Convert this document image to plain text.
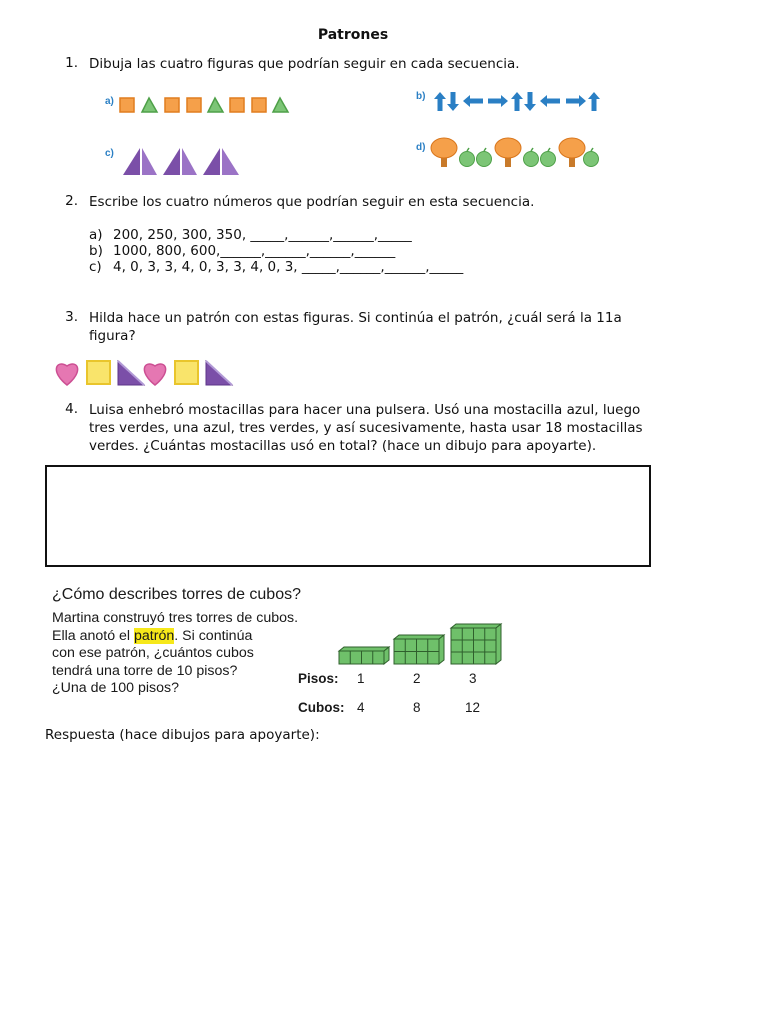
Patrones
1. Dibuja las cuatro figuras que podrían seguir en cada secuencia.
a)	b)
c)
d)
2. Escribe los cuatro números que podrían seguir en esta secuencia.
a) 200, 250, 300, 350, _____,______,______,_____
b) 1000, 800, 600,______,______,______,______
c) 4, 0, 3, 3, 4, 0, 3, 3, 4, 0, 3, _____,______,______,_____
3. Hilda hace un patrón con estas figuras. Si continúa el patrón, ¿cuál será la 11a
figura?
4. Luisa enhebró mostacillas para hacer una pulsera. Usó una mostacilla azul, luego
tres verdes, una azul, tres verdes, y así sucesivamente, hasta usar 18 mostacillas
verdes. ¿Cuántas mostacillas usó en total? (hace un dibujo para apoyarte).
¿Cómo describes torres de cubos?
Martina construyó tres torres de cubos.
Ella anotó el patrón. Si continúa
con ese patrón, ¿cuántos cubos
tendrá una torre de 10 pisos?
¿Una de 100 pisos?
Pisos: 1	2	3
Cubos: 4	8	12
Respuesta (hace dibujos para apoyarte):
